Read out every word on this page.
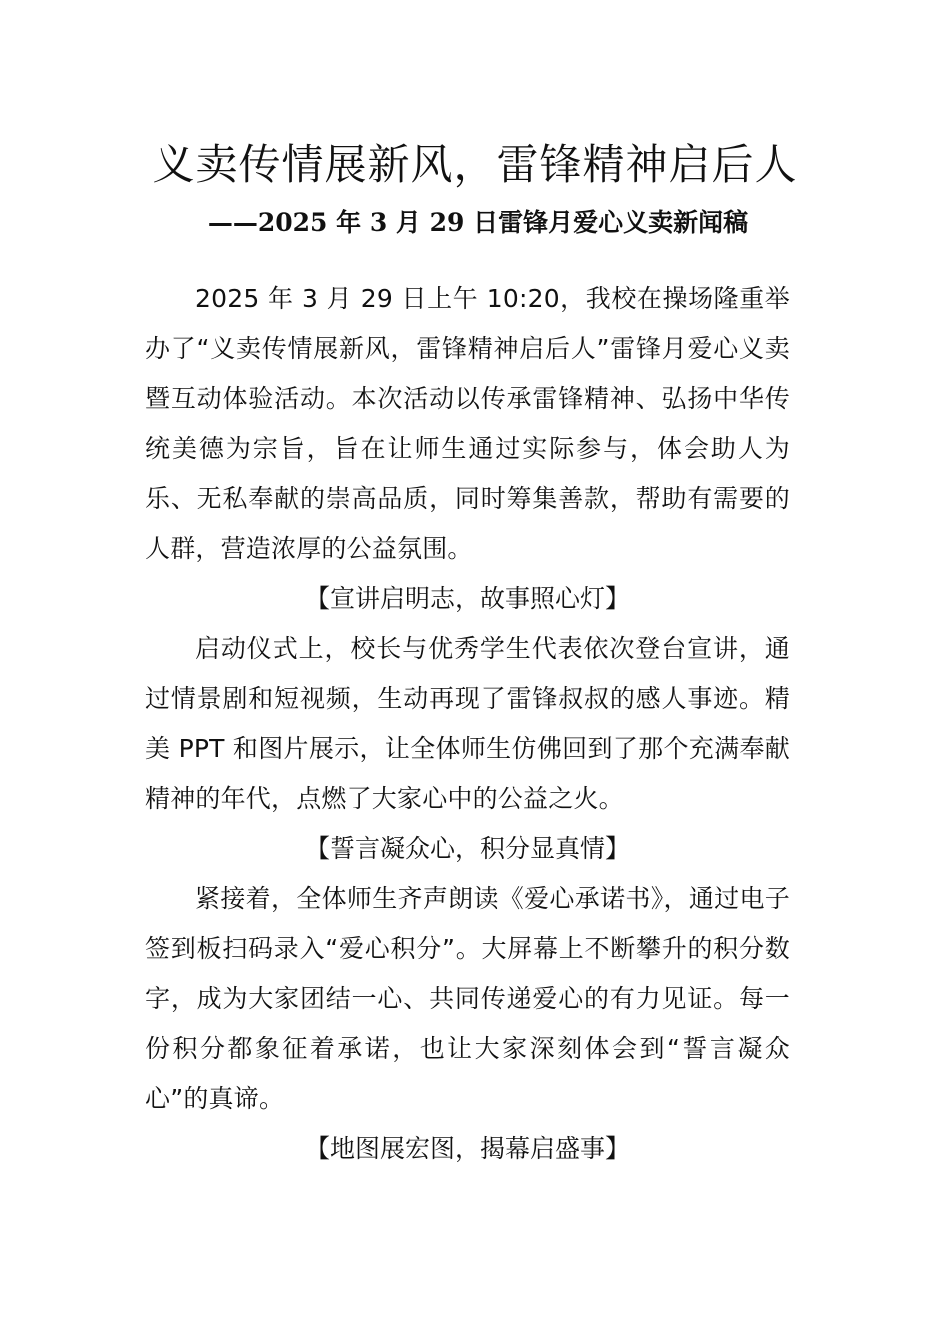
义卖传情展新风，雷锋精神启后人
——2025 年 3 月 29 日雷锋月爱心义卖新闻稿

2025 年 3 月 29 日上午 10:20，我校在操场隆重举办了“义卖传情展新风，雷锋精神启后人”雷锋月爱心义卖暨互动体验活动。本次活动以传承雷锋精神、弘扬中华传统美德为宗旨，旨在让师生通过实际参与，体会助人为乐、无私奉献的崇高品质，同时筹集善款，帮助有需要的人群，营造浓厚的公益氛围。

【宣讲启明志，故事照心灯】

启动仪式上，校长与优秀学生代表依次登台宣讲，通过情景剧和短视频，生动再现了雷锋叔叔的感人事迹。精美 PPT 和图片展示，让全体师生仿佛回到了那个充满奉献精神的年代，点燃了大家心中的公益之火。

【誓言凝众心，积分显真情】

紧接着，全体师生齐声朗读《爱心承诺书》，通过电子签到板扫码录入“爱心积分”。大屏幕上不断攀升的积分数字，成为大家团结一心、共同传递爱心的有力见证。每一份积分都象征着承诺，也让大家深刻体会到“誓言凝众心”的真谛。

【地图展宏图，揭幕启盛事】
